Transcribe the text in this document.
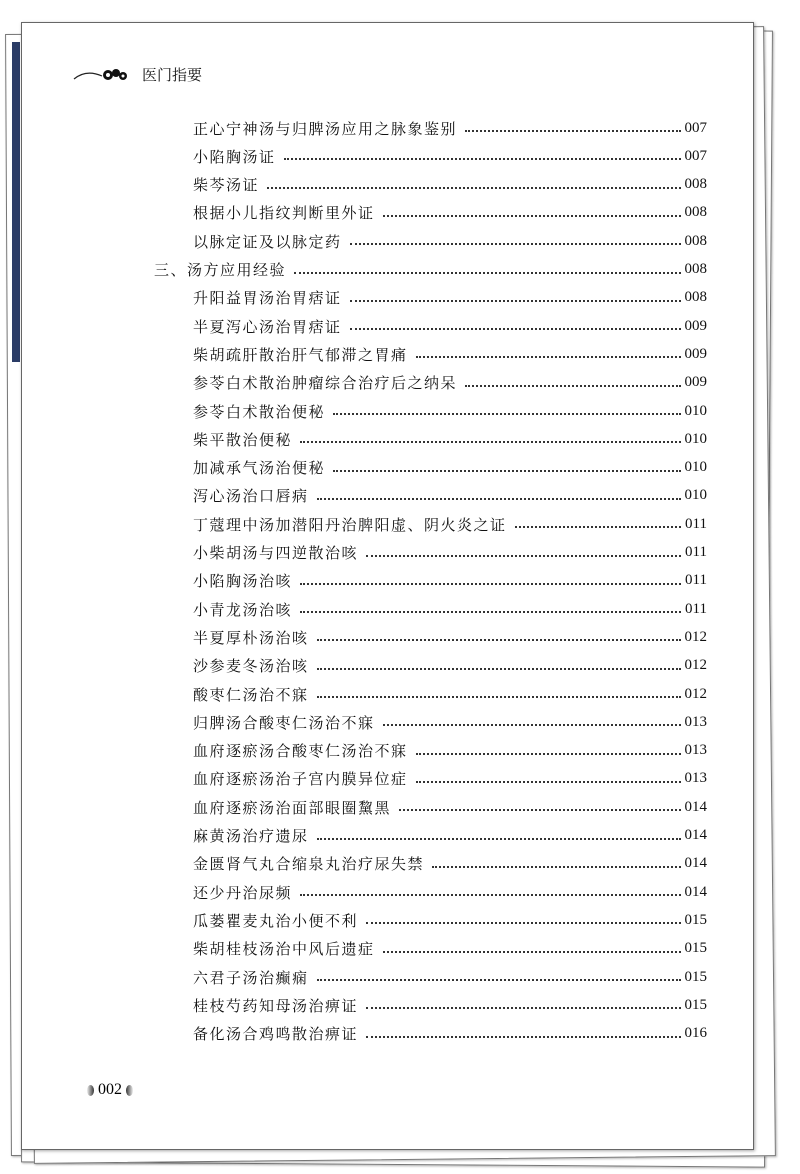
医门指要
正心宁神汤与归脾汤应用之脉象鉴别	007
小陷胸汤证	007
柴芩汤证	008
根据小儿指纹判断里外证	008
以脉定证及以脉定药	008
三、汤方应用经验	008
升阳益胃汤治胃痞证	008
半夏泻心汤治胃痞证	009
柴胡疏肝散治肝气郁滞之胃痛	009
参苓白术散治肿瘤综合治疗后之纳呆	009
参苓白术散治便秘	010
柴平散治便秘	010
加减承气汤治便秘	010
泻心汤治口唇病	010
丁蔻理中汤加潜阳丹治脾阳虚、阴火炎之证	011
小柴胡汤与四逆散治咳	011
小陷胸汤治咳	011
小青龙汤治咳	011
半夏厚朴汤治咳	012
沙参麦冬汤治咳	012
酸枣仁汤治不寐	012
归脾汤合酸枣仁汤治不寐	013
血府逐瘀汤合酸枣仁汤治不寐	013
血府逐瘀汤治子宫内膜异位症	013
血府逐瘀汤治面部眼圈黧黑	014
麻黄汤治疗遗尿	014
金匮肾气丸合缩泉丸治疗尿失禁	014
还少丹治尿频	014
瓜蒌瞿麦丸治小便不利	015
柴胡桂枝汤治中风后遗症	015
六君子汤治癫痫	015
桂枝芍药知母汤治痹证	015
备化汤合鸡鸣散治痹证	016
002
